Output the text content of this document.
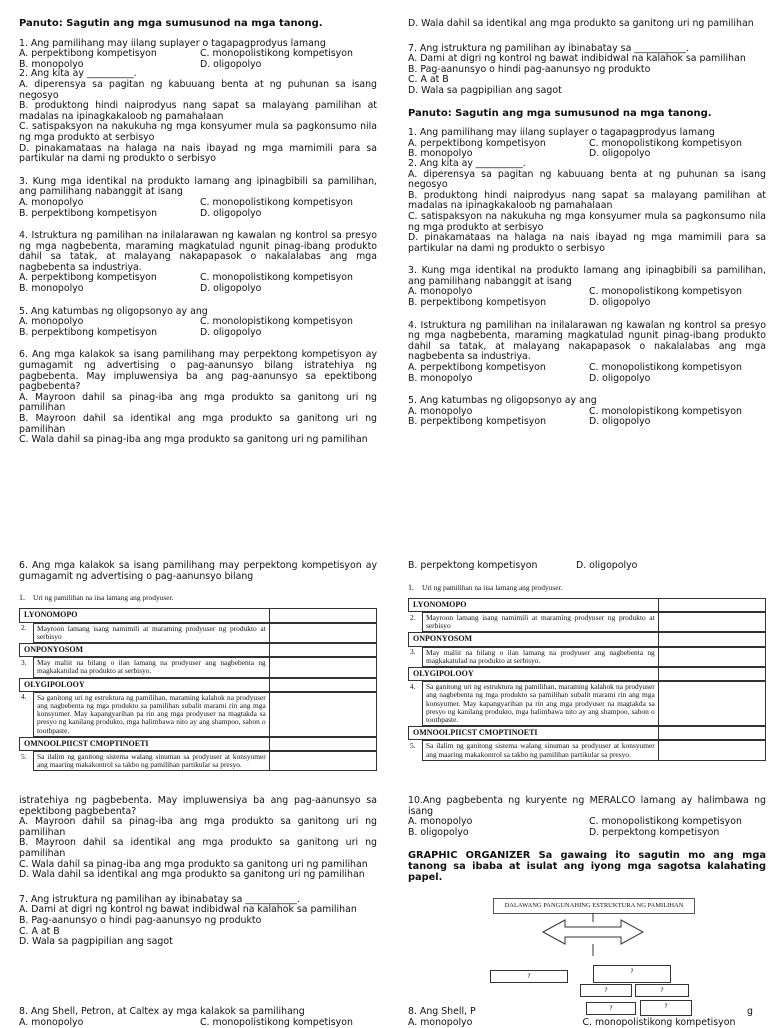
Panuto: Sagutin ang mga sumusunod na mga tanong.
1. Ang pamilihang may iilang suplayer o tagapagprodyus lamang
A. perpektibong kompetisyon	C. monopolistikong kompetisyon
B. monopolyo	D. oligopolyo
2. Ang kita ay __________.
A. diperensya sa pagitan ng kabuuang benta at ng puhunan sa isang negosyo
B. produktong hindi naiprodyus nang sapat sa malayang pamilihan at madalas na ipinagkakaloob ng pamahalaan
C. satispaksyon na nakukuha ng mga konsyumer mula sa pagkonsumo nila ng mga produkto at serbisyo
D. pinakamataas na halaga na nais ibayad ng mga mamimili para sa partikular na dami ng produkto o serbisyo
3. Kung mga identikal na produkto lamang ang ipinagbibili sa pamilihan, ang pamilihang nabanggit at isang
A. monopolyo	C. monopolistikong kompetisyon
B. perpektibong kompetisyon	D. oligopolyo
4. Istruktura ng pamilihan na inilalarawan ng kawalan ng kontrol sa presyo ng mga nagbebenta, maraming magkatulad ngunit pinag-ibang produkto dahil sa tatak, at malayang nakapapasok o nakalalabas ang mga nagbebenta sa industriya.
A. perpektibong kompetisyon	C. monopolistikong kompetisyon
B. monopolyo	D. oligopolyo
5. Ang katumbas ng oligopsonyo ay ang
A. monopolyo	C. monolopistikong kompetisyon
B. perpektibong kompetisyon	D. oligopolyo
6. Ang mga kalakok sa isang pamilihang may perpektong kompetisyon ay gumagamit ng advertising o pag-aanunsyo bilang istratehiya ng pagbebenta. May impluwensiya ba ang pag-aanunsyo sa epektibong pagbebenta?
A. Mayroon dahil sa pinag-iba ang mga produkto sa ganitong uri ng pamilihan
B. Mayroon dahil sa identikal ang mga produkto sa ganitong uri ng pamilihan
C. Wala dahil sa pinag-iba ang mga produkto sa ganitong uri ng pamilihan
D. Wala dahil sa identikal ang mga produkto sa ganitong uri ng pamilihan
7. Ang istruktura ng pamilihan ay ibinabatay sa ___________.
A. Dami at digri ng kontrol ng bawat indibidwal na kalahok sa pamilihan
B. Pag-aanunsyo o hindi pag-aanunsyo ng produkto
C. A at B
D. Wala sa pagpipilian ang sagot
Panuto: Sagutin ang mga sumusunod na mga tanong.
1. Ang pamilihang may iilang suplayer o tagapagprodyus lamang
A. perpektibong kompetisyon	C. monopolistikong kompetisyon
B. monopolyo	D. oligopolyo
2. Ang kita ay __________.
A. diperensya sa pagitan ng kabuuang benta at ng puhunan sa isang negosyo
B. produktong hindi naiprodyus nang sapat sa malayang pamilihan at madalas na ipinagkakaloob ng pamahalaan
C. satispaksyon na nakukuha ng mga konsyumer mula sa pagkonsumo nila ng mga produkto at serbisyo
D. pinakamataas na halaga na nais ibayad ng mga mamimili para sa partikular na dami ng produkto o serbisyo
3. Kung mga identikal na produkto lamang ang ipinagbibili sa pamilihan, ang pamilihang nabanggit at isang
A. monopolyo	C. monopolistikong kompetisyon
B. perpektibong kompetisyon	D. oligopolyo
4. Istruktura ng pamilihan na inilalarawan ng kawalan ng kontrol sa presyo ng mga nagbebenta, maraming magkatulad ngunit pinag-ibang produkto dahil sa tatak, at malayang nakapapasok o nakalalabas ang mga nagbebenta sa industriya.
A. perpektibong kompetisyon	C. monopolistikong kompetisyon
B. monopolyo	D. oligopolyo
5. Ang katumbas ng oligopsonyo ay ang
A. monopolyo	C. monolopistikong kompetisyon
B. perpektibong kompetisyon	D. oligopolyo
6. Ang mga kalakok sa isang pamilihang may perpektong kompetisyon ay gumagamit ng advertising o pag-aanunsyo bilang
1. Uri ng pamilihan na iisa lamang ang prodyuser.
LYONOMOPO	
2.	Mayroon lamang isang namimili at maraming prodyuser ng produkto at serbisyo	
ONPONYOSOM	
3.	May maliit na bilang o ilan lamang na prodyuser ang nagbebenta ng magkakatulad na produkto at serbisyo.	
OLYGIPOLOOY	
4.	Sa ganitong uri ng estruktura ng pamilihan, maraming kalahok na prodyuser ang nagbebenta ng mga produkto sa pamilihan subalit marami rin ang mga konsyumer. May kapangyarihan pa rin ang mga prodyuser na magtakda sa presyo ng kanilang produkto, mga halimbawa nito ay ang shampoo, sabon o toothpaste.	
OMNOOLPIICST CMOPTINOETI	
5.	Sa ilalim ng ganitong sistema walang sinuman sa prodyuser at konsyumer ang maaring makakontrol sa takbo ng pamilihan partikular sa presyo.	
B. perpektong kompetisyon	D. oligopolyo
1. Uri ng pamilihan na iisa lamang ang prodyuser.
LYONOMOPO	
2.	Mayroon lamang isang namimili at maraming prodyuser ng produkto at serbisyo	
ONPONYOSOM	
3.	May maliit na bilang o ilan lamang na prodyuser ang nagbebenta ng magkakatulad na produkto at serbisyo.	
OLYGIPOLOOY	
4.	Sa ganitong uri ng estruktura ng pamilihan, maraming kalahok na prodyuser ang nagbebenta ng mga produkto sa pamilihan subalit marami rin ang mga konsyumer. May kapangyarihan pa rin ang mga prodyuser na magtakda sa presyo ng kanilang produkto, mga halimbawa nito ay ang shampoo, sabon o toothpaste.	
OMNOOLPIICST CMOPTINOETI	
5.	Sa ilalim ng ganitong sistema walang sinuman sa prodyuser at konsyumer ang maaring makakontrol sa takbo ng pamilihan partikular sa presyo.	
istratehiya ng pagbebenta. May impluwensiya ba ang pag-aanunsyo sa epektibong pagbebenta?
A. Mayroon dahil sa pinag-iba ang mga produkto sa ganitong uri ng pamilihan
B. Mayroon dahil sa identikal ang mga produkto sa ganitong uri ng pamilihan
C. Wala dahil sa pinag-iba ang mga produkto sa ganitong uri ng pamilihan
D. Wala dahil sa identikal ang mga produkto sa ganitong uri ng pamilihan
7. Ang istruktura ng pamilihan ay ibinabatay sa ___________.
A. Dami at digri ng kontrol ng bawat indibidwal na kalahok sa pamilihan
B. Pag-aanunsyo o hindi pag-aanunsyo ng produkto
C. A at B
D. Wala sa pagpipilian ang sagot
10.Ang pagbebenta ng kuryente ng MERALCO lamang ay halimbawa ng isang
A. monopolyo	C. monopolistikong kompetisyon
B. oligopolyo	D. perpektong kompetisyon
GRAPHIC ORGANIZER Sa gawaing ito sagutin mo ang mga tanong sa ibaba at isulat ang iyong mga sagotsa kalahating papel.
DALAWANG PANGUNAHING ESTRUKTURA NG PAMILIHAN
?
?
?	?
?	?
8. Ang Shell, Petron, at Caltex ay mga kalakok sa pamilihang
A. monopolyo	C. monopolistikong kompetisyon
8. Ang Shell, P	g
A. monopolyo	C. monopolistikong kompetisyon
